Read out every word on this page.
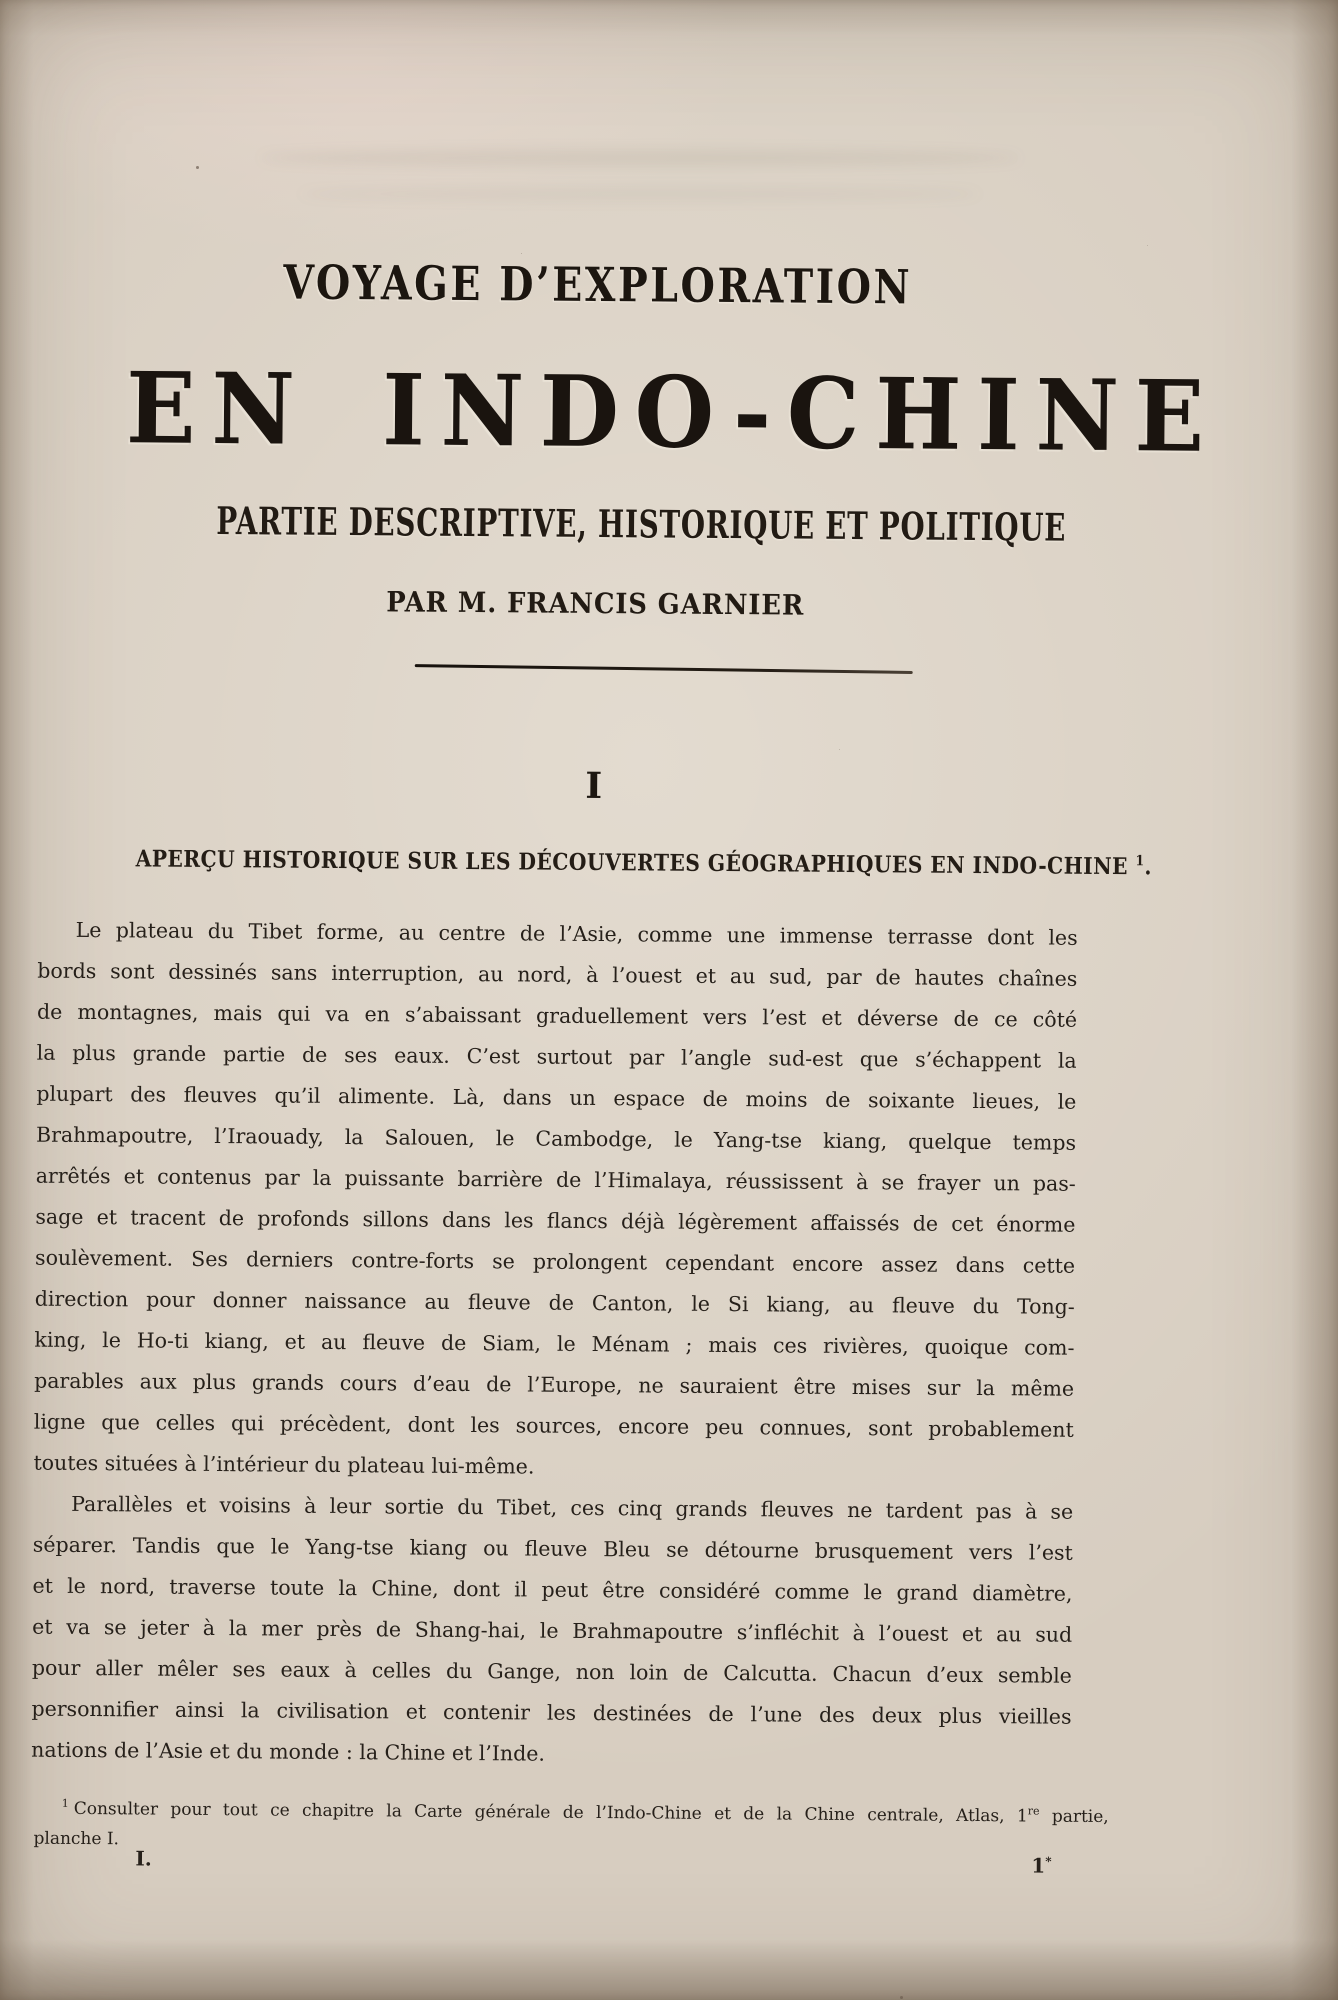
VOYAGE D’EXPLORATION
EN INDO-CHINE
PARTIE DESCRIPTIVE, HISTORIQUE ET POLITIQUE
PAR M. FRANCIS GARNIER
I
APERÇU HISTORIQUE SUR LES DÉCOUVERTES GÉOGRAPHIQUES EN INDO-CHINE $^1$.
Le plateau du Tibet forme, au centre de l’Asie, comme une immense terrasse dont les
bords sont dessinés sans interruption, au nord, à l’ouest et au sud, par de hautes chaînes
de montagnes, mais qui va en s’abaissant graduellement vers l’est et déverse de ce côté
la plus grande partie de ses eaux. C’est surtout par l’angle sud-est que s’échappent la
plupart des fleuves qu’il alimente. Là, dans un espace de moins de soixante lieues, le
Brahmapoutre, l’Iraouady, la Salouen, le Cambodge, le Yang-tse kiang, quelque temps
arrêtés et contenus par la puissante barrière de l’Himalaya, réussissent à se frayer un pas-
sage et tracent de profonds sillons dans les flancs déjà légèrement affaissés de cet énorme
soulèvement. Ses derniers contre-forts se prolongent cependant encore assez dans cette
direction pour donner naissance au fleuve de Canton, le Si kiang, au fleuve du Tong-
king, le Ho-ti kiang, et au fleuve de Siam, le Ménam ; mais ces rivières, quoique com-
parables aux plus grands cours d’eau de l’Europe, ne sauraient être mises sur la même
ligne que celles qui précèdent, dont les sources, encore peu connues, sont probablement
toutes situées à l’intérieur du plateau lui-même.
Parallèles et voisins à leur sortie du Tibet, ces cinq grands fleuves ne tardent pas à se
séparer. Tandis que le Yang-tse kiang ou fleuve Bleu se détourne brusquement vers l’est
et le nord, traverse toute la Chine, dont il peut être considéré comme le grand diamètre,
et va se jeter à la mer près de Shang-hai, le Brahmapoutre s’infléchit à l’ouest et au sud
pour aller mêler ses eaux à celles du Gange, non loin de Calcutta. Chacun d’eux semble
personnifier ainsi la civilisation et contenir les destinées de l’une des deux plus vieilles
nations de l’Asie et du monde : la Chine et l’Inde.
$^1$ Consulter pour tout ce chapitre la Carte générale de l’Indo-Chine et de la Chine centrale, Atlas, 1re partie,
planche I.
I.	1*
